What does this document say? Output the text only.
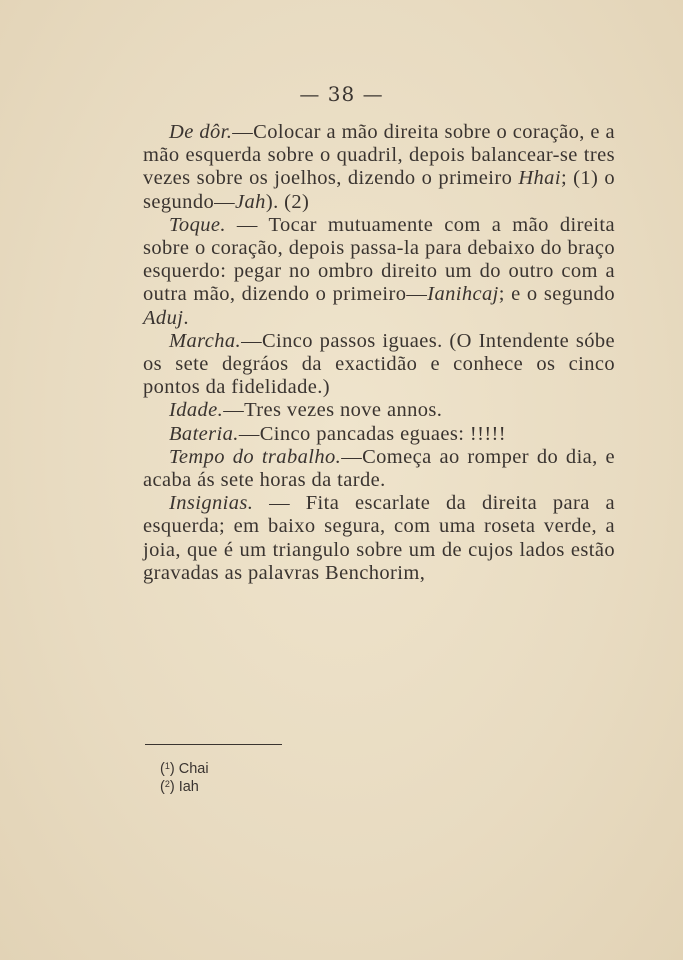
— 38 —

De dôr.—Colocar a mão direita sobre o coração, e a mão esquerda sobre o quadril, depois balancear-se tres vezes sobre os joelhos, dizendo o primeiro Hhai; (1) o segundo—Jah). (2)

Toque. — Tocar mutuamente com a mão direita sobre o coração, depois passa-la para debaixo do braço esquerdo: pegar no ombro direito um do outro com a outra mão, dizendo o primeiro—Ianihcaj; e o segundo Aduj.

Marcha.—Cinco passos iguaes. (O Intendente sóbe os sete degráos da exactidão e conhece os cinco pontos da fidelidade.)

Idade.—Tres vezes nove annos.

Bateria.—Cinco pancadas eguaes: !!!!!

Tempo do trabalho.—Começa ao romper do dia, e acaba ás sete horas da tarde.

Insignias. — Fita escarlate da direita para a esquerda; em baixo segura, com uma roseta verde, a joia, que é um triangulo sobre um de cujos lados estão gravadas as palavras Benchorim,

($^1$) Chai
($^2$) Iah
